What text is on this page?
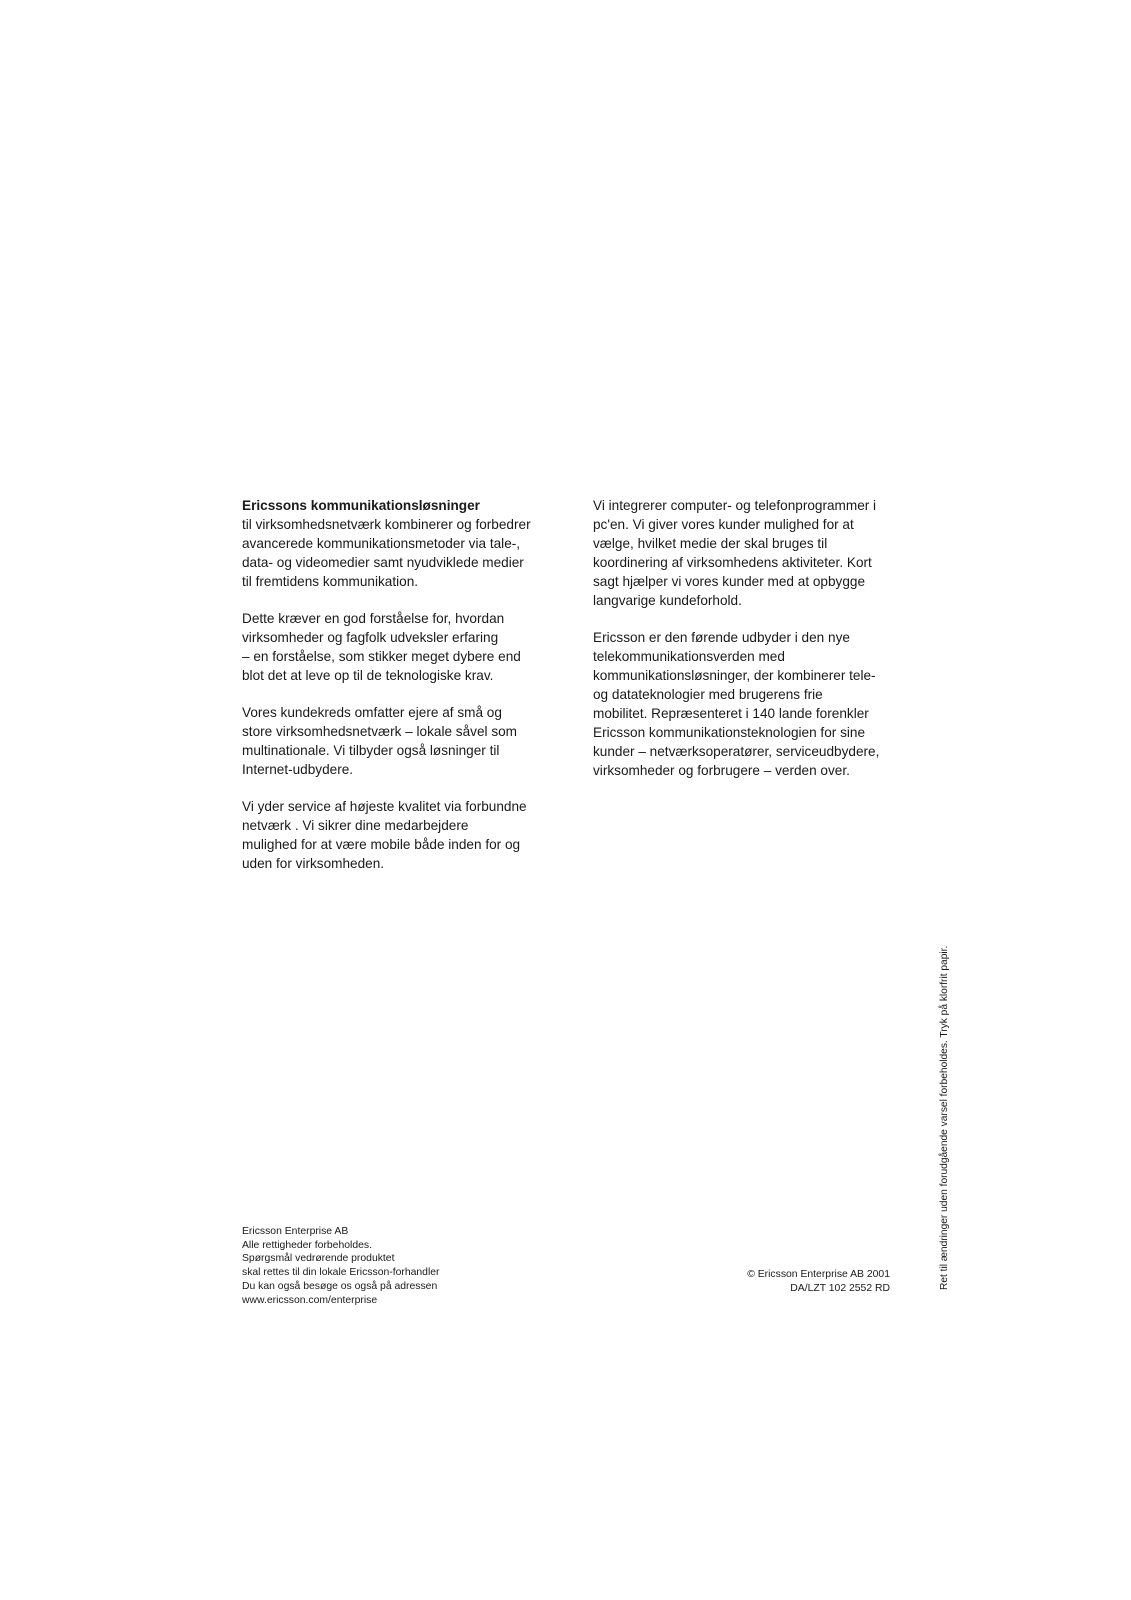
Ericssons kommunikationsløsninger
til virksomhedsnetværk kombinerer og forbedrer
avancerede kommunikationsmetoder via tale-,
data- og videomedier samt nyudviklede medier
til fremtidens kommunikation.
Dette kræver en god forståelse for, hvordan
virksomheder og fagfolk udveksler erfaring
– en forståelse, som stikker meget dybere end
blot det at leve op til de teknologiske krav.
Vores kundekreds omfatter ejere af små og
store virksomhedsnetværk – lokale såvel som
multinationale. Vi tilbyder også løsninger til
Internet-udbydere.
Vi yder service af højeste kvalitet via forbundne
netværk . Vi sikrer dine medarbejdere
mulighed for at være mobile både inden for og
uden for virksomheden.
Vi integrerer computer- og telefonprogrammer i
pc'en. Vi giver vores kunder mulighed for at
vælge, hvilket medie der skal bruges til
koordinering af virksomhedens aktiviteter. Kort
sagt hjælper vi vores kunder med at opbygge
langvarige kundeforhold.
Ericsson er den førende udbyder i den nye
telekommunikationsverden med
kommunikationsløsninger, der kombinerer tele-
og datateknologier med brugerens frie
mobilitet. Repræsenteret i 140 lande forenkler
Ericsson kommunikationsteknologien for sine
kunder – netværksoperatører, serviceudbydere,
virksomheder og forbrugere – verden over.
Ericsson Enterprise AB
Alle rettigheder forbeholdes.
Spørgsmål vedrørende produktet
skal rettes til din lokale Ericsson-forhandler
Du kan også besøge os også på adressen
www.ericsson.com/enterprise
© Ericsson Enterprise AB 2001
DA/LZT 102 2552 RD	Ret til ændringer uden forudgående varsel forbeholdes. Tryk på klorfrit papir.
